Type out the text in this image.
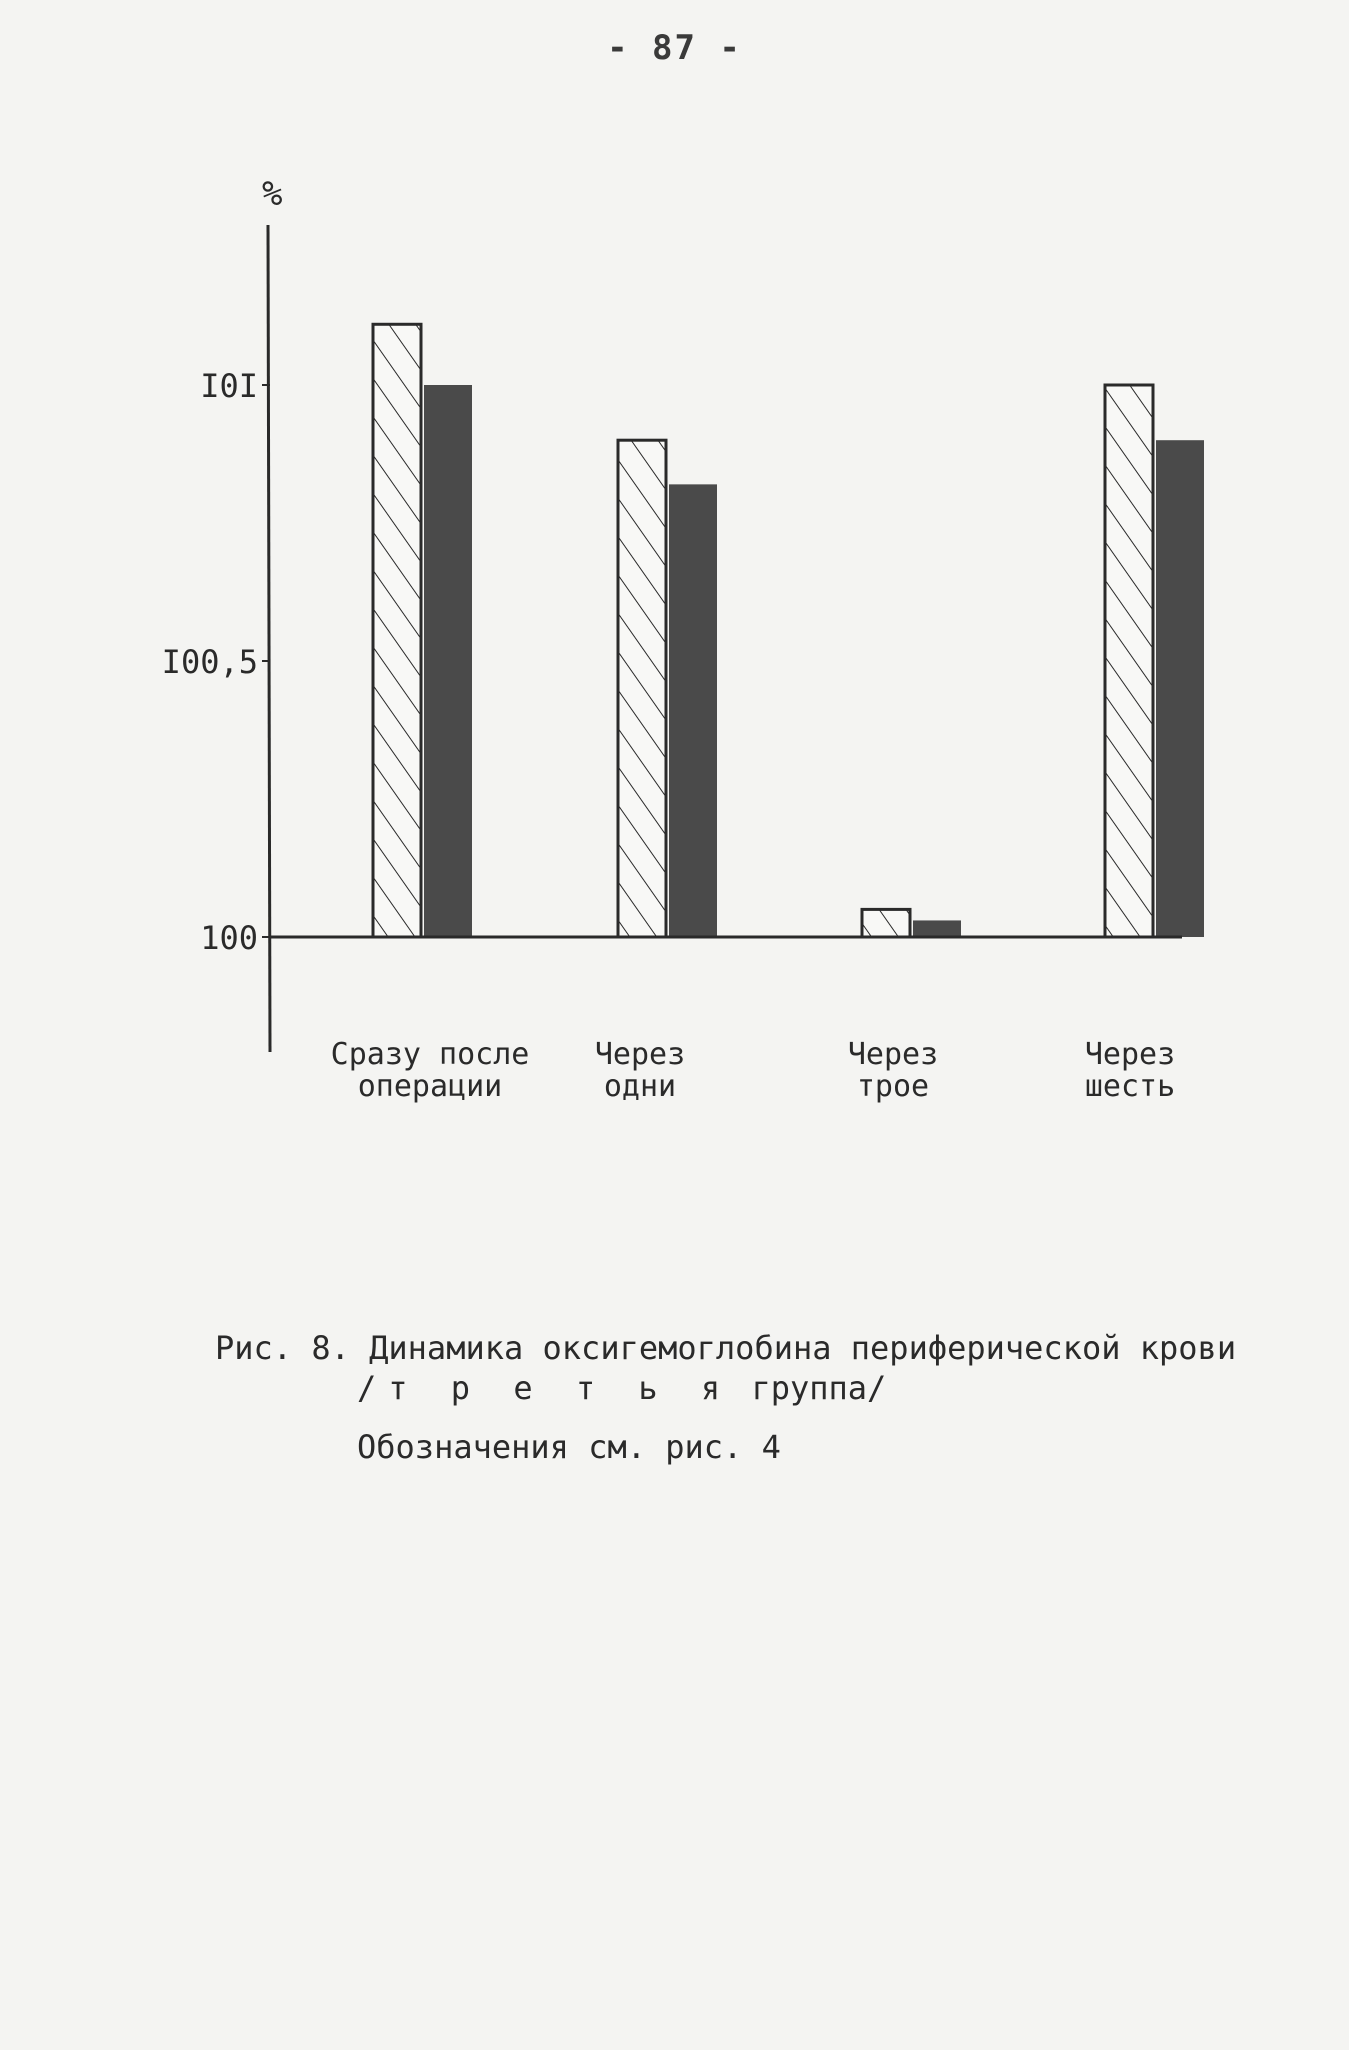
- 87 -
%
100
I00,5
I0I
Сразу после
операции
Через
одни
Через
трое
Через
шесть
Рис. 8. Динамика оксигемоглобина периферической крови
/т р е т ь я группа/
Обозначения см. рис. 4
